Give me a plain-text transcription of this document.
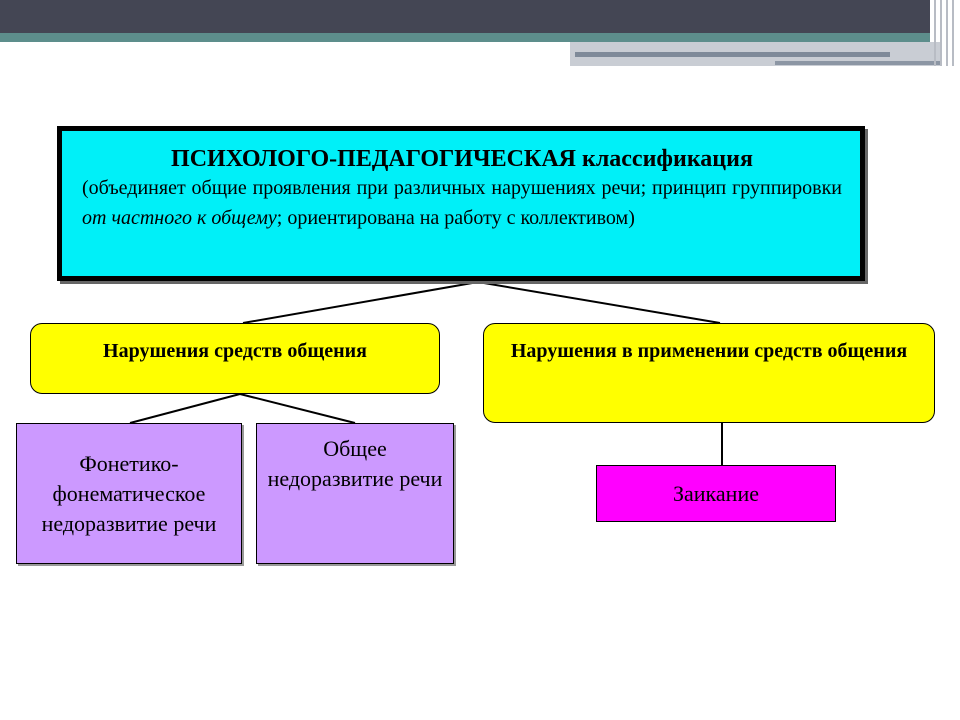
ПСИХОЛОГО-ПЕДАГОГИЧЕСКАЯ классификация
(объединяет общие проявления при различных нарушениях речи; принцип группировки от частного к общему; ориентирована на работу с коллективом)
Нарушения средств общения	Нарушения в применении средств общения
Фонетико-фонематическое недоразвитие речи
Общее недоразвитие речи
Заикание
